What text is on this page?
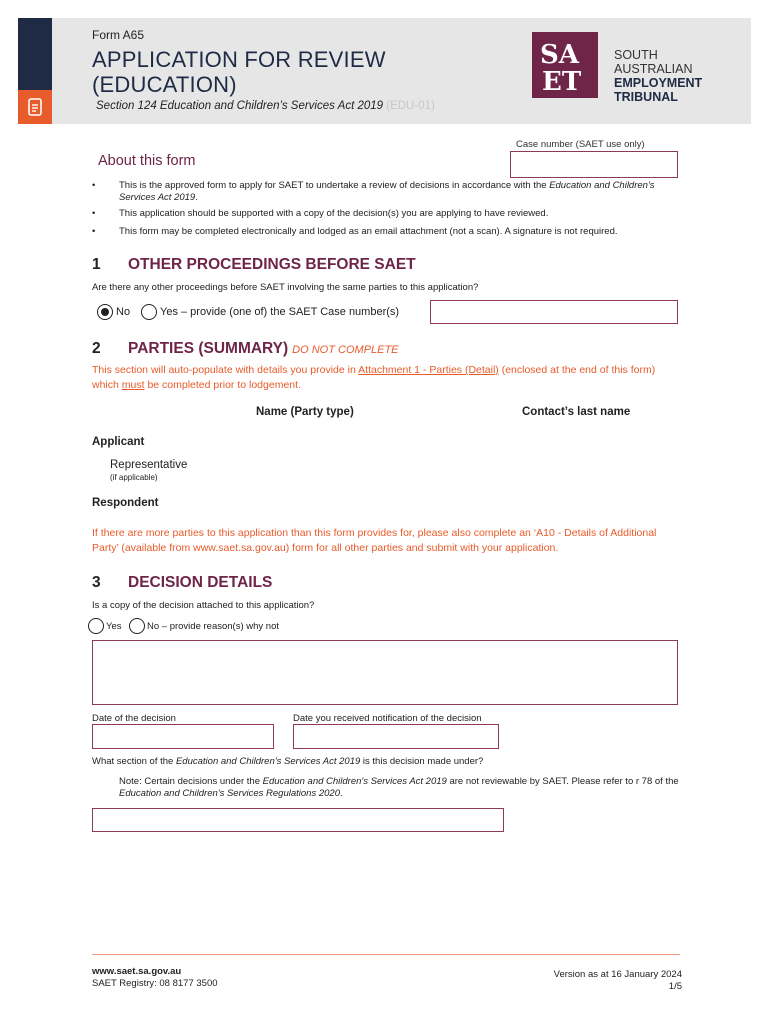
Form A65
APPLICATION FOR REVIEW
(EDUCATION)
Section 124 Education and Children’s Services Act 2019 (EDU-01)
SA
ET
SOUTH
AUSTRALIAN
EMPLOYMENT
TRIBUNAL
Case number (SAET use only)
About this form
• This is the approved form to apply for SAET to undertake a review of decisions in accordance with the Education and Children's Services Act 2019.
• This application should be supported with a copy of the decision(s) you are applying to have reviewed.
• This form may be completed electronically and lodged as an email attachment (not a scan). A signature is not required.
1 OTHER PROCEEDINGS BEFORE SAET
Are there any other proceedings before SAET involving the same parties to this application?
No	Yes – provide (one of) the SAET Case number(s)
2 PARTIES (SUMMARY) DO NOT COMPLETE
This section will auto-populate with details you provide in Attachment 1 - Parties (Detail) (enclosed at the end of this form) which must be completed prior to lodgement.
Name (Party type)	Contact’s last name
Applicant
Representative
(if applicable)
Respondent
If there are more parties to this application than this form provides for, please also complete an ‘A10 - Details of Additional Party’ (available from www.saet.sa.gov.au) form for all other parties and submit with your application.
3 DECISION DETAILS
Is a copy of the decision attached to this application?
Yes	No – provide reason(s) why not
Date of the decision	Date you received notification of the decision
What section of the Education and Children’s Services Act 2019 is this decision made under?
Note: Certain decisions under the Education and Children's Services Act 2019 are not reviewable by SAET. Please refer to r 78 of the Education and Children's Services Regulations 2020.
www.saet.sa.gov.au
SAET Registry: 08 8177 3500
Version as at 16 January 2024
1/5
